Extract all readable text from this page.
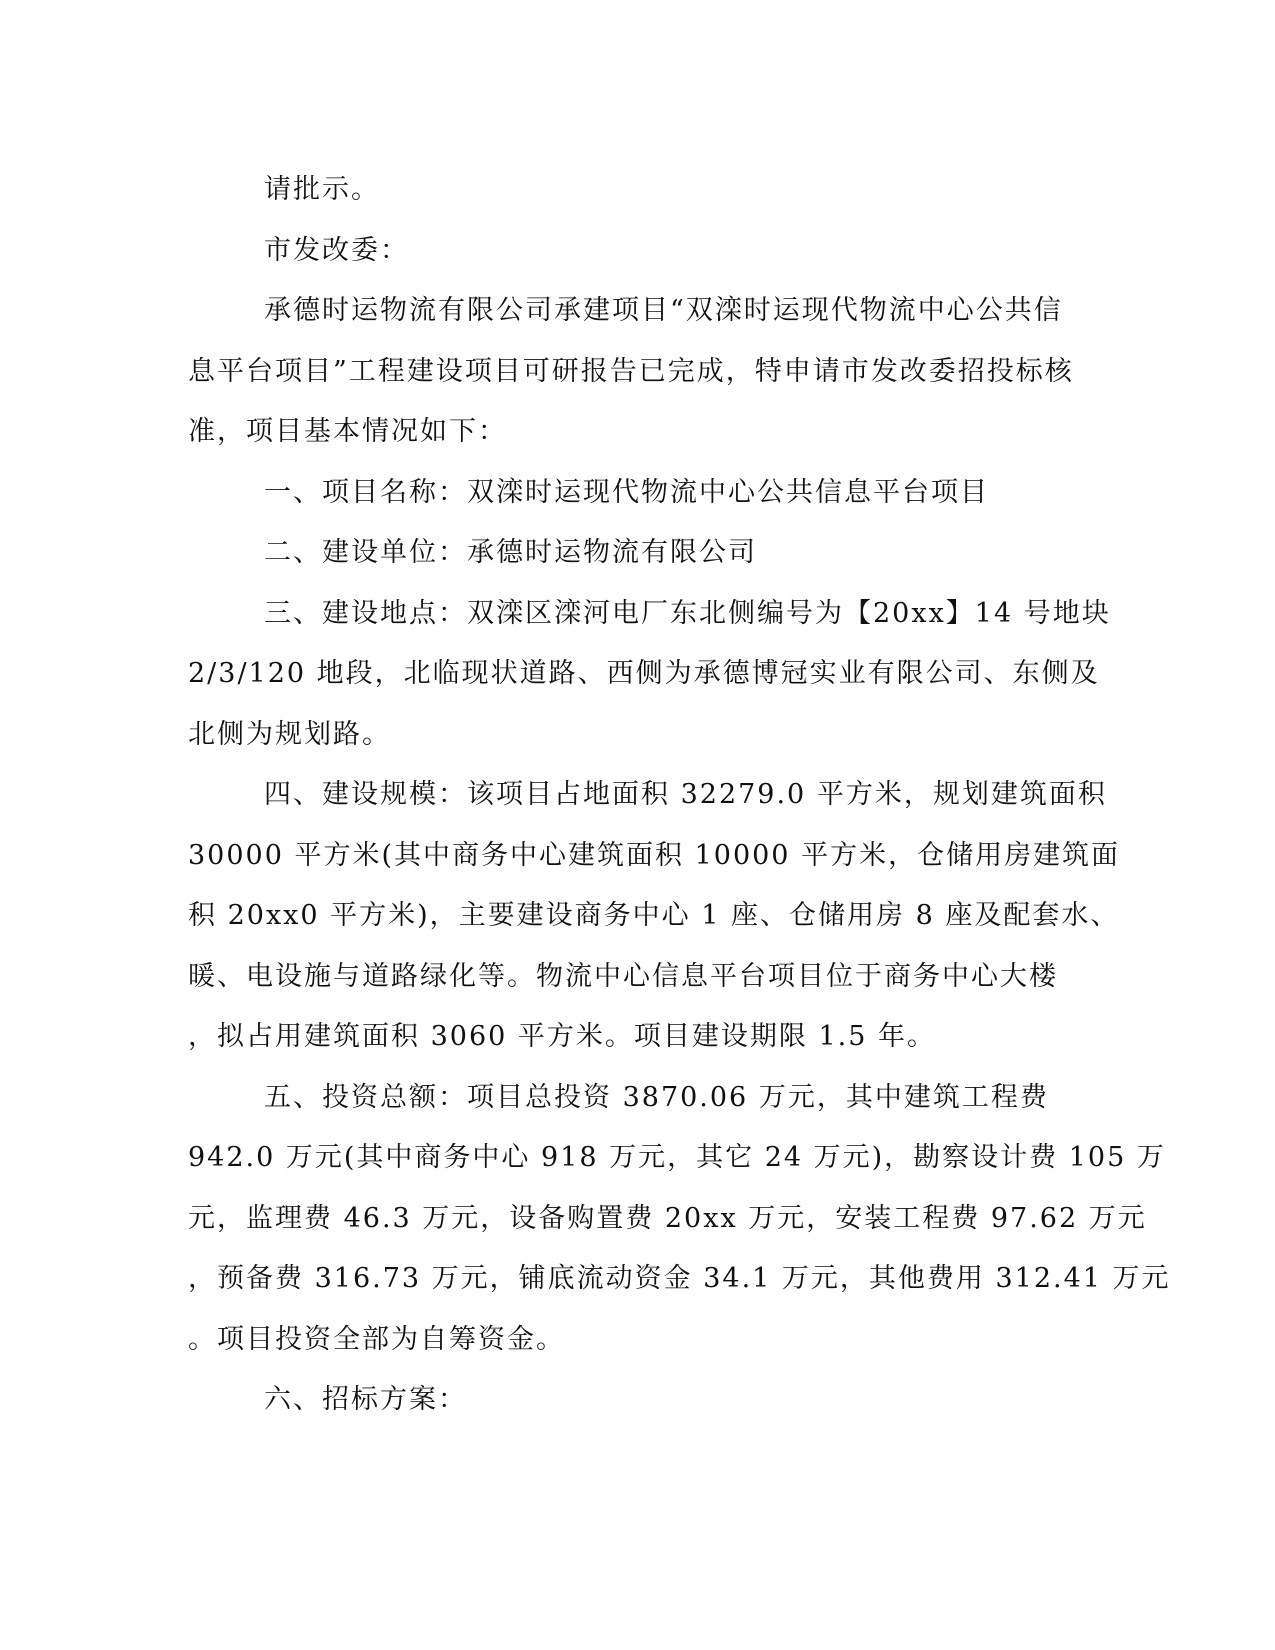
请批示。
市发改委：
承德时运物流有限公司承建项目“双滦时运现代物流中心公共信
息平台项目”工程建设项目可研报告已完成，特申请市发改委招投标核
准，项目基本情况如下：
一、项目名称：双滦时运现代物流中心公共信息平台项目
二、建设单位：承德时运物流有限公司
三、建设地点：双滦区滦河电厂东北侧编号为【20xx】14 号地块
2/3/120 地段，北临现状道路、西侧为承德博冠实业有限公司、东侧及
北侧为规划路。
四、建设规模：该项目占地面积 32279.0 平方米，规划建筑面积
30000 平方米(其中商务中心建筑面积 10000 平方米，仓储用房建筑面
积 20xx0 平方米)，主要建设商务中心 1 座、仓储用房 8 座及配套水、
暖、电设施与道路绿化等。物流中心信息平台项目位于商务中心大楼
，拟占用建筑面积 3060 平方米。项目建设期限 1.5 年。
五、投资总额：项目总投资 3870.06 万元，其中建筑工程费
942.0 万元(其中商务中心 918 万元，其它 24 万元)，勘察设计费 105 万
元，监理费 46.3 万元，设备购置费 20xx 万元，安装工程费 97.62 万元
，预备费 316.73 万元，铺底流动资金 34.1 万元，其他费用 312.41 万元
。项目投资全部为自筹资金。
六、招标方案：
